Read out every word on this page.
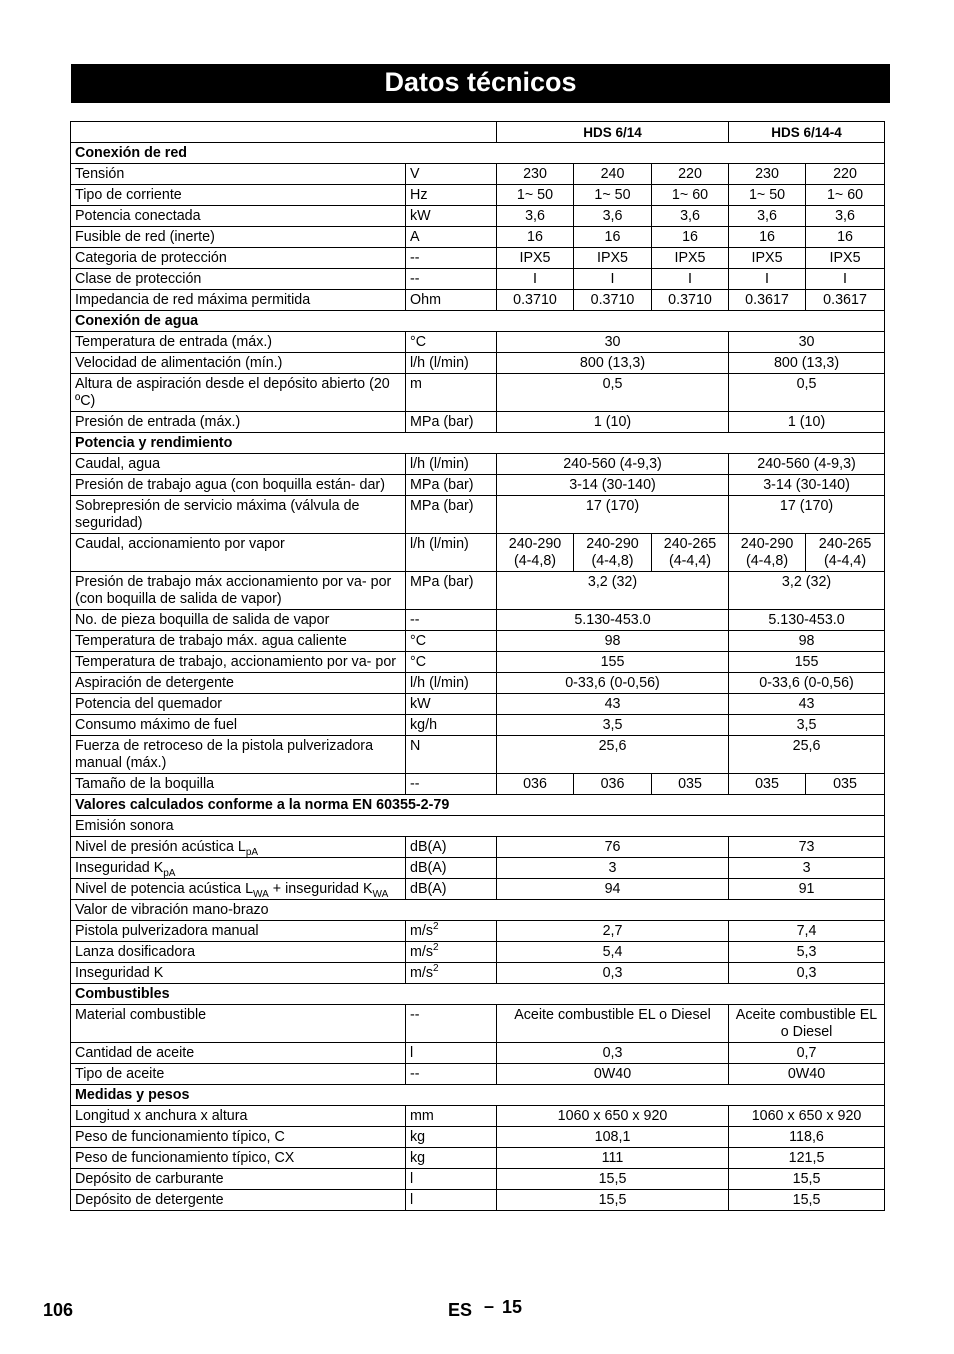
Datos técnicos
		HDS 6/14			HDS 6/14-4	
Conexión de red						
Tensión	V	230	240	220	230	220
Tipo de corriente	Hz	1~ 50	1~ 50	1~ 60	1~ 50	1~ 60
Potencia conectada	kW	3,6	3,6	3,6	3,6	3,6
Fusible de red (inerte)	A	16	16	16	16	16
Categoria de protección	--	IPX5	IPX5	IPX5	IPX5	IPX5
Clase de protección	--	I	I	I	I	I
Impedancia de red máxima permitida	Ohm	0.3710	0.3710	0.3710	0.3617	0.3617
Conexión de agua						
Temperatura de entrada (máx.)	°C	30			30	
Velocidad de alimentación (mín.)	l/h (l/min)	800 (13,3)			800 (13,3)	
Altura de aspiración desde el depósito abierto (20 ºC)	m	0,5			0,5	
Presión de entrada (máx.)	MPa (bar)	1 (10)			1 (10)	
Potencia y rendimiento						
Caudal, agua	l/h (l/min)	240-560 (4-9,3)			240-560 (4-9,3)	
Presión de trabajo agua (con boquilla están- dar)	MPa (bar)	3-14 (30-140)			3-14 (30-140)	
Sobrepresión de servicio máxima (válvula de seguridad)	MPa (bar)	17 (170)			17 (170)	
Caudal, accionamiento por vapor	l/h (l/min)	240-290 (4-4,8)	240-290 (4-4,8)	240-265 (4-4,4)	240-290 (4-4,8)	240-265 (4-4,4)
Presión de trabajo máx accionamiento por va- por (con boquilla de salida de vapor)	MPa (bar)	3,2 (32)			3,2 (32)	
No. de pieza boquilla de salida de vapor	--	5.130-453.0			5.130-453.0	
Temperatura de trabajo máx. agua caliente	°C	98			98	
Temperatura de trabajo, accionamiento por va- por	°C	155			155	
Aspiración de detergente	l/h (l/min)	0-33,6 (0-0,56)			0-33,6 (0-0,56)	
Potencia del quemador	kW	43			43	
Consumo máximo de fuel	kg/h	3,5			3,5	
Fuerza de retroceso de la pistola pulverizadora manual (máx.)	N	25,6			25,6	
Tamaño de la boquilla	--	036	036	035	035	035
Valores calculados conforme a la norma EN 60355-2-79						
Emisión sonora						
Nivel de presión acústica $L_{pA}$	dB(A)	76			73	
Inseguridad $K_{pA}$	dB(A)	3			3	
Nivel de potencia acústica $L_{WA}$ + inseguridad $K_{WA}$	dB(A)	94			91	
Valor de vibración mano-brazo						
Pistola pulverizadora manual	$m/s^2$	2,7			7,4	
Lanza dosificadora	$m/s^2$	5,4			5,3	
Inseguridad K	$m/s^2$	0,3			0,3	
Combustibles						
Material combustible	--	Aceite combustible EL o Diesel			Aceite combustible EL o Diesel	
Cantidad de aceite	l	0,3			0,7	
Tipo de aceite	--	0W40			0W40	
Medidas y pesos						
Longitud x anchura x altura	mm	1060 x 650 x 920			1060 x 650 x 920	
Peso de funcionamiento típico, C	kg	108,1			118,6	
Peso de funcionamiento típico, CX	kg	111			121,5	
Depósito de carburante	l	15,5			15,5	
Depósito de detergente	l	15,5			15,5	
106	ES – 15
